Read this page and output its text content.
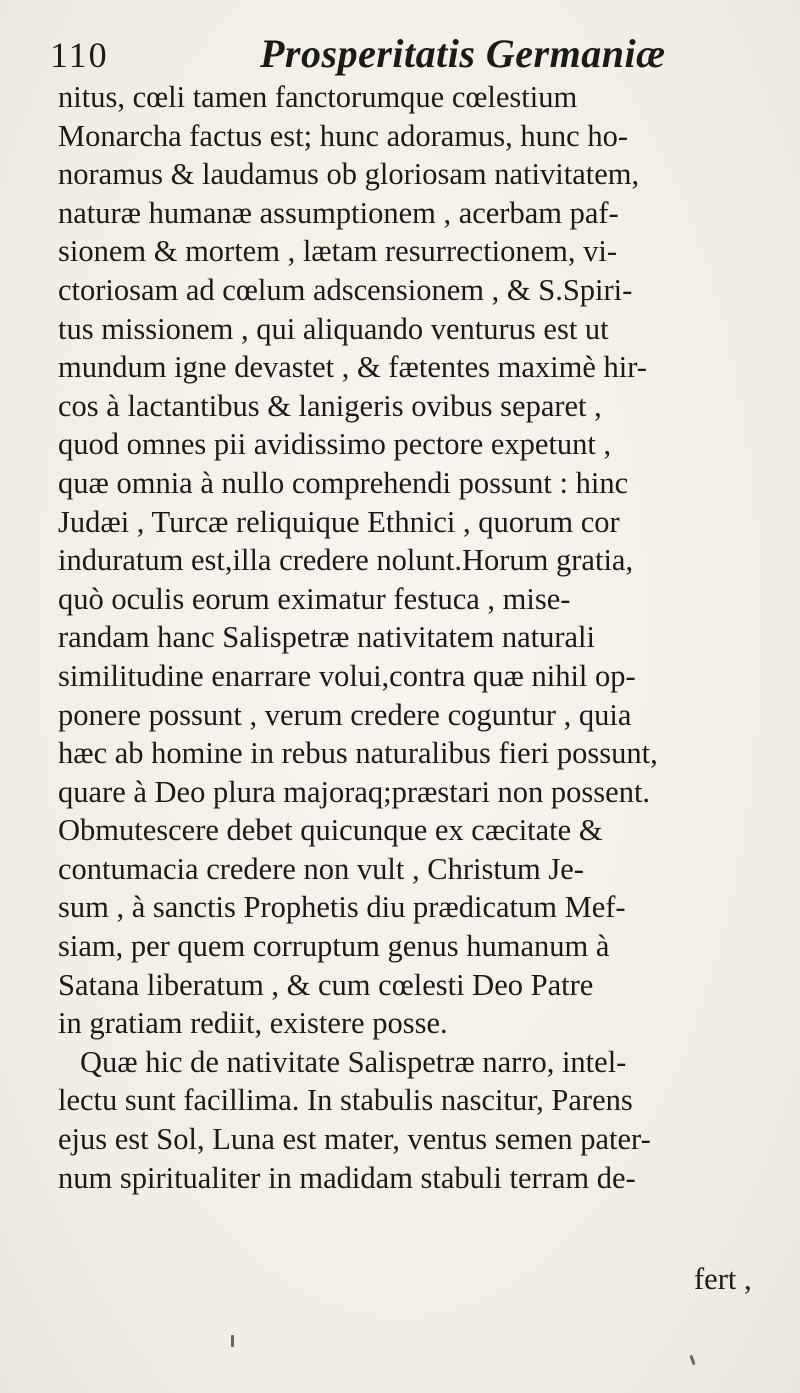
110	Prosperitatis Germaniæ
nitus, cœli tamen fanctorumque cœlestium
Monarcha factus est; hunc adoramus, hunc ho-
noramus & laudamus ob gloriosam nativitatem,
naturæ humanæ assumptionem , acerbam paf-
sionem & mortem , lætam resurrectionem, vi-
ctoriosam ad cœlum adscensionem , & S.Spiri-
tus missionem , qui aliquando venturus est ut
mundum igne devastet , & fætentes maximè hir-
cos à lactantibus & lanigeris ovibus separet ,
quod omnes pii avidissimo pectore expetunt ,
quæ omnia à nullo comprehendi possunt : hinc
Judæi , Turcæ reliquique Ethnici , quorum cor
induratum est,illa credere nolunt.Horum gratia,
quò oculis eorum eximatur festuca , mise-
randam hanc Salispetræ nativitatem naturali
similitudine enarrare volui,contra quæ nihil op-
ponere possunt , verum credere coguntur , quia
hæc ab homine in rebus naturalibus fieri possunt,
quare à Deo plura majoraq;præstari non possent.
Obmutescere debet quicunque ex cæcitate &
contumacia credere non vult , Christum Je-
sum , à sanctis Prophetis diu prædicatum Mef-
siam, per quem corruptum genus humanum à
Satana liberatum , & cum cœlesti Deo Patre
in gratiam rediit, existere posse.
Quæ hic de nativitate Salispetræ narro, intel-
lectu sunt facillima. In stabulis nascitur, Parens
ejus est Sol, Luna est mater, ventus semen pater-
num spiritualiter in madidam stabuli terram de-
fert ,
